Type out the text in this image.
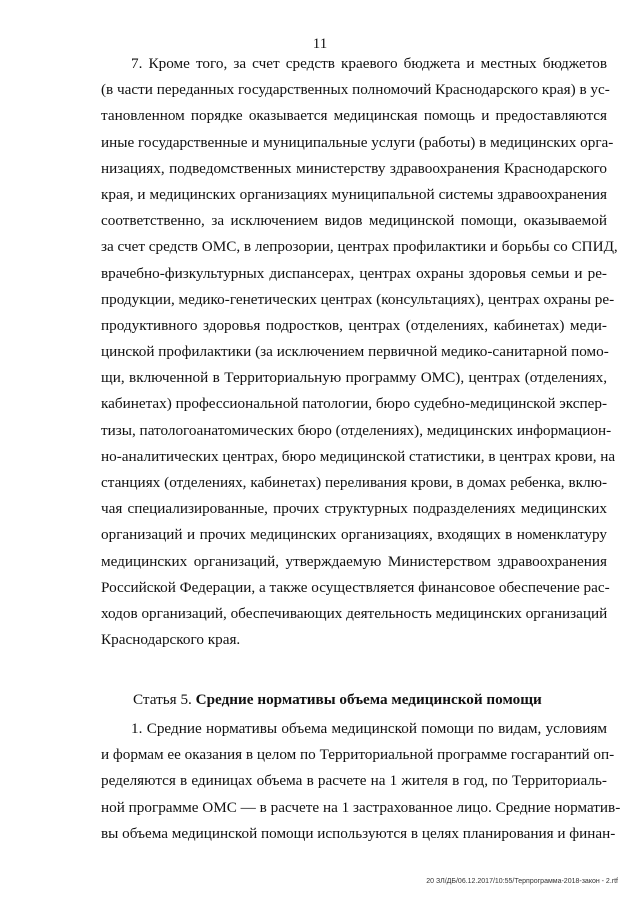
11
7. Кроме того, за счет средств краевого бюджета и местных бюджетов
(в части переданных государственных полномочий Краснодарского края) в ус-
тановленном порядке оказывается медицинская помощь и предоставляются
иные государственные и муниципальные услуги (работы) в медицинских орга-
низациях, подведомственных министерству здравоохранения Краснодарского
края, и медицинских организациях муниципальной системы здравоохранения
соответственно, за исключением видов медицинской помощи, оказываемой
за счет средств ОМС, в лепрозории, центрах профилактики и борьбы со СПИД,
врачебно-физкультурных диспансерах, центрах охраны здоровья семьи и ре-
продукции, медико-генетических центрах (консультациях), центрах охраны ре-
продуктивного здоровья подростков, центрах (отделениях, кабинетах) меди-
цинской профилактики (за исключением первичной медико-санитарной помо-
щи, включенной в Территориальную программу ОМС), центрах (отделениях,
кабинетах) профессиональной патологии, бюро судебно-медицинской экспер-
тизы, патологоанатомических бюро (отделениях), медицинских информацион-
но-аналитических центрах, бюро медицинской статистики, в центрах крови, на
станциях (отделениях, кабинетах) переливания крови, в домах ребенка, вклю-
чая специализированные, прочих структурных подразделениях медицинских
организаций и прочих медицинских организациях, входящих в номенклатуру
медицинских организаций, утверждаемую Министерством здравоохранения
Российской Федерации, а также осуществляется финансовое обеспечение рас-
ходов организаций, обеспечивающих деятельность медицинских организаций
Краснодарского края.
Статья 5. Средние нормативы объема медицинской помощи
1. Средние нормативы объема медицинской помощи по видам, условиям
и формам ее оказания в целом по Территориальной программе госгарантий оп-
ределяются в единицах объема в расчете на 1 жителя в год, по Территориаль-
ной программе ОМС — в расчете на 1 застрахованное лицо. Средние норматив-
вы объема медицинской помощи используются в целях планирования и финан-
20 ЗЛ/ДБ/06.12.2017/10:55/Терпрограмма-2018-закон - 2.rtf
